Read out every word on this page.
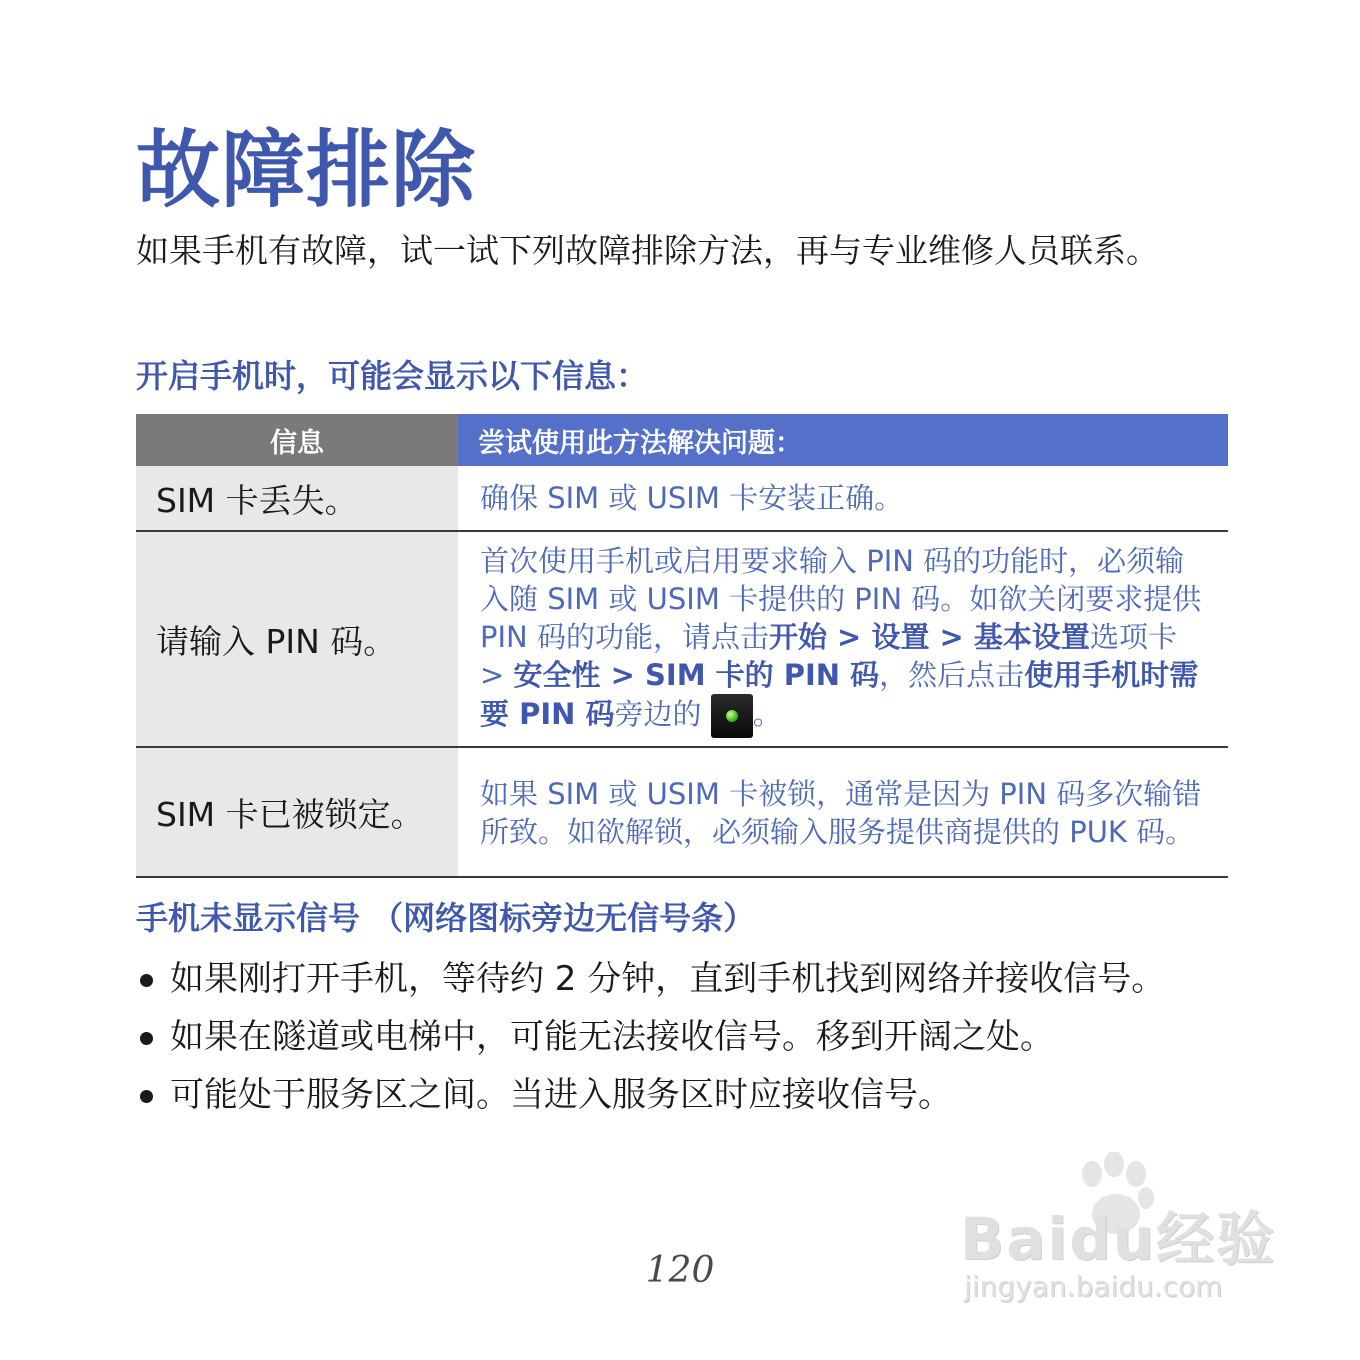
故障排除

如果手机有故障，试一试下列故障排除方法，再与专业维修人员联系。

开启手机时，可能会显示以下信息：
信息	尝试使用此方法解决问题：
SIM 卡丢失。	确保 SIM 或 USIM 卡安装正确。
请输入 PIN 码。	首次使用手机或启用要求输入 PIN 码的功能时，必须输入随 SIM 或 USIM 卡提供的 PIN 码。如欲关闭要求提供 PIN 码的功能，请点击开始 > 设置 > 基本设置选项卡 > 安全性 > SIM 卡的 PIN 码，然后点击使用手机时需要 PIN 码旁边的 。
SIM 卡已被锁定。	如果 SIM 或 USIM 卡被锁，通常是因为 PIN 码多次输错所致。如欲解锁，必须输入服务提供商提供的 PUK 码。
手机未显示信号 （网络图标旁边无信号条）
如果刚打开手机，等待约 2 分钟，直到手机找到网络并接收信号。
如果在隧道或电梯中，可能无法接收信号。移到开阔之处。
可能处于服务区之间。当进入服务区时应接收信号。
Baidu经验
jingyan.baidu.com
120
